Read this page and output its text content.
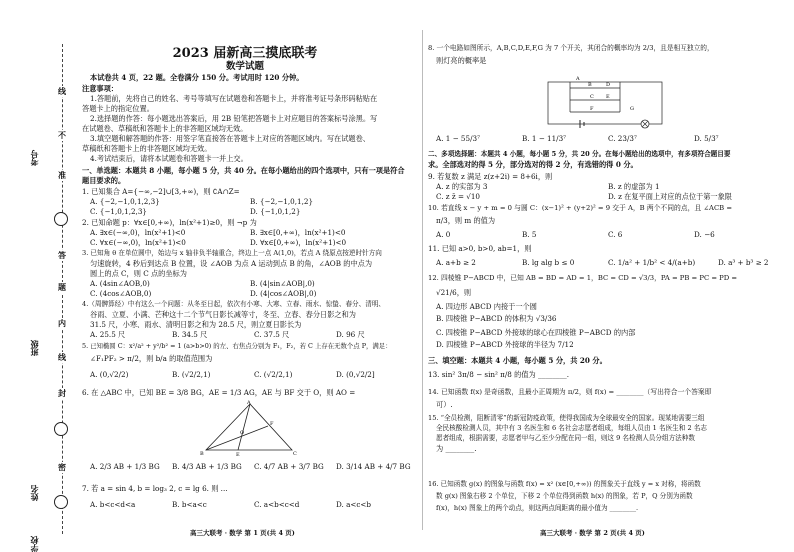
考号
班级
姓名
学校
线
不
准
答
题
内
线
封
密
2023 届新高三摸底联考
数学试题
本试卷共 4 页，22 题。全卷满分 150 分。考试用时 120 分钟。
注意事项：
1.答题前，先将自己的姓名、考号等填写在试题卷和答题卡上，并将准考证号条形码粘贴在
答题卡上的指定位置。
2.选择题的作答：每小题选出答案后，用 2B 铅笔把答题卡上对应题目的答案标号涂黑。写
在试题卷、草稿纸和答题卡上的非答题区域均无效。
3.填空题和解答题的作答：用签字笔直接答在答题卡上对应的答题区域内。写在试题卷、
草稿纸和答题卡上的非答题区域均无效。
4.考试结束后，请将本试题卷和答题卡一并上交。
一、单选题：本题共 8 小题，每小题 5 分，共 40 分。在每小题给出的四个选项中，只有一项是符合
题目要求的。
1. 已知集合 A={−∞,−2]∪[3,+∞)，则 ∁A∩Z=
A. {−2,−1,0,1,2,3}	B. {−2,−1,0,1,2}
C. {−1,0,1,2,3}	D. {−1,0,1,2}
2. 已知命题 p：∀x∈[0,+∞)，ln(x²+1)≥0，则 ¬p 为
A. ∃x∈(−∞,0)，ln(x²+1)<0	B. ∃x∈[0,+∞)，ln(x²+1)<0
C. ∀x∈(−∞,0)，ln(x²+1)<0	D. ∀x∈[0,+∞)，ln(x²+1)<0
3. 已知角 θ 在单位圆中，始边与 x 轴非负半轴重合，终边上一点 A(1,0)，若点 A 绕原点按逆时针方向
匀速旋转，4 秒后到达点 B 位置，设 ∠AOB 为点 A 运动到点 B 的角，∠AOB 的中点为
圆上的点 C，则 C 点的坐标为
A. (4sin∠AOB,0)	B. (4|sin∠AOB|,0)
C. (4cos∠AOB,0)	D. (4|cos∠AOB|,0)
4.（周髀算经）中有这么一个问题：从冬至日起，依次有小寒、大寒、立春、雨水、惊蛰、春分、清明、
谷雨、立夏、小满、芒种这十二个节气日影长减等寸，冬至、立春、春分日影之和为
31.5 尺，小寒、雨水、清明日影之和为 28.5 尺，则立夏日影长为
A. 25.5 尺	B. 34.5 尺	C. 37.5 尺	D. 96 尺
5. 已知椭圆 C：x²/a² + y²/b² = 1 (a>b>0) 的左、右焦点分别为 F₁，F₂，若 C 上存在无数个点 P，满足：
∠F₁PF₂ > π/2，则 b/a 的取值范围为
A. (0,√2/2)	B. (√2/2,1)	C. (√2/2,1)	D. (0,√2/2]
6. 在 △ABC 中，已知 BE = 3/8 BG，AE = 1/3 AG，AE 与 BF 交于 O，则 AO =
A
B	C
F
E
O
A. 2/3 AB + 1/3 BG B. 4/3 AB + 1/3 BG C. 4/7 AB + 3/7 BG D. 3/14 AB + 4/7 BG
7. 若 a = sin 4, b = log₃ 2, c = lg 6. 则 ...
A. b<c<d<a	B. b<a<c	C. a<b<c<d	D. a<c<b
高三大联考 · 数学 第 1 页(共 4 页)
8. 一个电路如图所示，A,B,C,D,E,F,G 为 7 个开关，其闭合的概率均为 2/3，且是相互独立的，
则灯亮的概率是
A
B
C
D
E
F	G
A. 1 − 55/3⁷	B. 1 − 11/3⁷	C. 23/3⁷	D. 5/3⁷
二、多项选择题：本题共 4 小题，每小题 5 分，共 20 分。在每小题给出的选项中，有多项符合题目要
求。全部选对的得 5 分，部分选对的得 2 分，有选错的得 0 分。
9. 若复数 z 满足 z(z+2i) = 8+6i，则
A. z 的实部为 3	B. z 的虚部为 1
C. z z̄ = √10	D. z 在复平面上对应的点位于第一象限
10. 若直线 x − y + m = 0 与圆 C：(x−1)² + (y+2)² = 9 交于 A，B 两个不同的点，且 ∠ACB =
π/3，则 m 的值为
A. 0	B. 5	C. 6	D. −6
11. 已知 a>0, b>0, ab=1，则
A. a+b ≥ 2	B. lg alg b ≤ 0	C. 1/a² + 1/b² < 4/(a+b)	D. a³ + b³ ≥ 2
12. 四棱锥 P−ABCD 中，已知 AB = BD = AD = 1，BC = CD = √3/3，PA = PB = PC = PD =
√21/6，则
A. 四边形 ABCD 内接于一个圆
B. 四棱锥 P−ABCD 的体积为 √3/36
C. 四棱锥 P−ABCD 外接球的球心在四棱锥 P−ABCD 的内部
D. 四棱锥 P−ABCD 外接球的半径为 7/12
三、填空题：本题共 4 小题，每小题 5 分，共 20 分。
13. sin² 3π/8 − sin² π/8 的值为 ________.
14. 已知函数 f(x) 是奇函数，且最小正周期为 π/2，则 f(x) = ________（写出符合一个答案即
可）.
15. “全员检测，阻断清零”的新冠防疫政策，使得我国成为全球最安全的国家。现某地需要三组
全民核酸检测人员，其中有 3 名医生和 6 名社会志愿者组成，每组人员由 1 名医生和 2 名志
愿者组成，根据需要，志愿者甲与乙至少分配在同一组，则这 9 名检测人员分组方法种数
为 ________.
16. 已知函数 g(x) 的图象与函数 f(x) = x² (x∈[0,+∞)) 的图象关于直线 y = x 对称，将函数
数 g(x) 图象右移 2 个单位，下移 2 个单位得到函数 h(x) 的图象，若 P，Q 分别为函数
f(x)，h(x) 图象上的两个动点，则这两点间距离的最小值为 ________.
高三大联考 · 数学 第 2 页(共 4 页)
